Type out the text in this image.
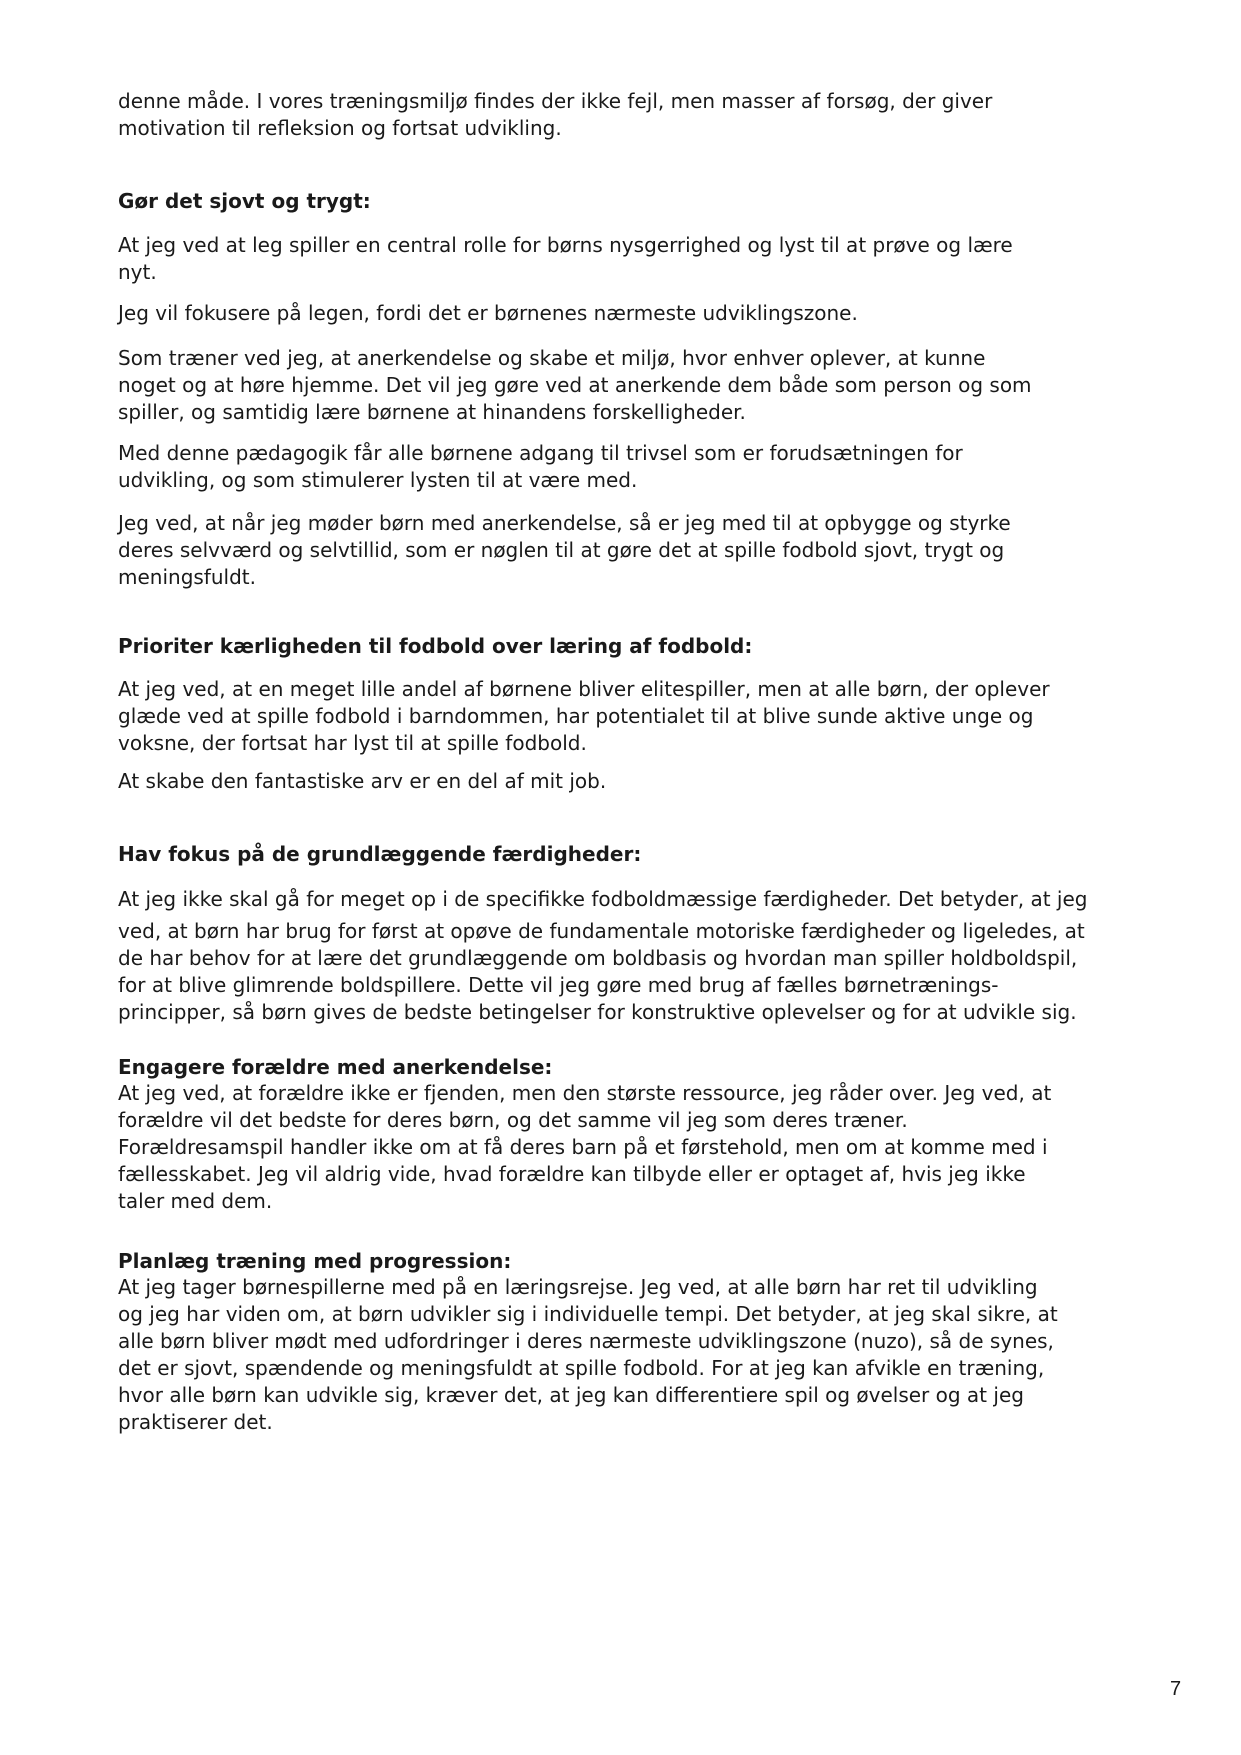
denne måde. I vores træningsmiljø findes der ikke fejl, men masser af forsøg, der giver
motivation til refleksion og fortsat udvikling.

Gør det sjovt og trygt:

At jeg ved at leg spiller en central rolle for børns nysgerrighed og lyst til at prøve og lære
nyt.

Jeg vil fokusere på legen, fordi det er børnenes nærmeste udviklingszone.

Som træner ved jeg, at anerkendelse og skabe et miljø, hvor enhver oplever, at kunne
noget og at høre hjemme. Det vil jeg gøre ved at anerkende dem både som person og som
spiller, og samtidig lære børnene at hinandens forskelligheder.

Med denne pædagogik får alle børnene adgang til trivsel som er forudsætningen for
udvikling, og som stimulerer lysten til at være med.

Jeg ved, at når jeg møder børn med anerkendelse, så er jeg med til at opbygge og styrke
deres selvværd og selvtillid, som er nøglen til at gøre det at spille fodbold sjovt, trygt og
meningsfuldt.

Prioriter kærligheden til fodbold over læring af fodbold:

At jeg ved, at en meget lille andel af børnene bliver elitespiller, men at alle børn, der oplever
glæde ved at spille fodbold i barndommen, har potentialet til at blive sunde aktive unge og
voksne, der fortsat har lyst til at spille fodbold.

At skabe den fantastiske arv er en del af mit job.

Hav fokus på de grundlæggende færdigheder:

At jeg ikke skal gå for meget op i de specifikke fodboldmæssige færdigheder. Det betyder, at jeg

ved, at børn har brug for først at opøve de fundamentale motoriske færdigheder og ligeledes, at
de har behov for at lære det grundlæggende om boldbasis og hvordan man spiller holdboldspil,
for at blive glimrende boldspillere. Dette vil jeg gøre med brug af fælles børnetrænings-
principper, så børn gives de bedste betingelser for konstruktive oplevelser og for at udvikle sig.

Engagere forældre med anerkendelse:

At jeg ved, at forældre ikke er fjenden, men den største ressource, jeg råder over. Jeg ved, at
forældre vil det bedste for deres børn, og det samme vil jeg som deres træner.
Forældresamspil handler ikke om at få deres barn på et førstehold, men om at komme med i
fællesskabet. Jeg vil aldrig vide, hvad forældre kan tilbyde eller er optaget af, hvis jeg ikke
taler med dem.

Planlæg træning med progression:

At jeg tager børnespillerne med på en læringsrejse. Jeg ved, at alle børn har ret til udvikling
og jeg har viden om, at børn udvikler sig i individuelle tempi. Det betyder, at jeg skal sikre, at
alle børn bliver mødt med udfordringer i deres nærmeste udviklingszone (nuzo), så de synes,
det er sjovt, spændende og meningsfuldt at spille fodbold. For at jeg kan afvikle en træning,
hvor alle børn kan udvikle sig, kræver det, at jeg kan differentiere spil og øvelser og at jeg
praktiserer det.

7
